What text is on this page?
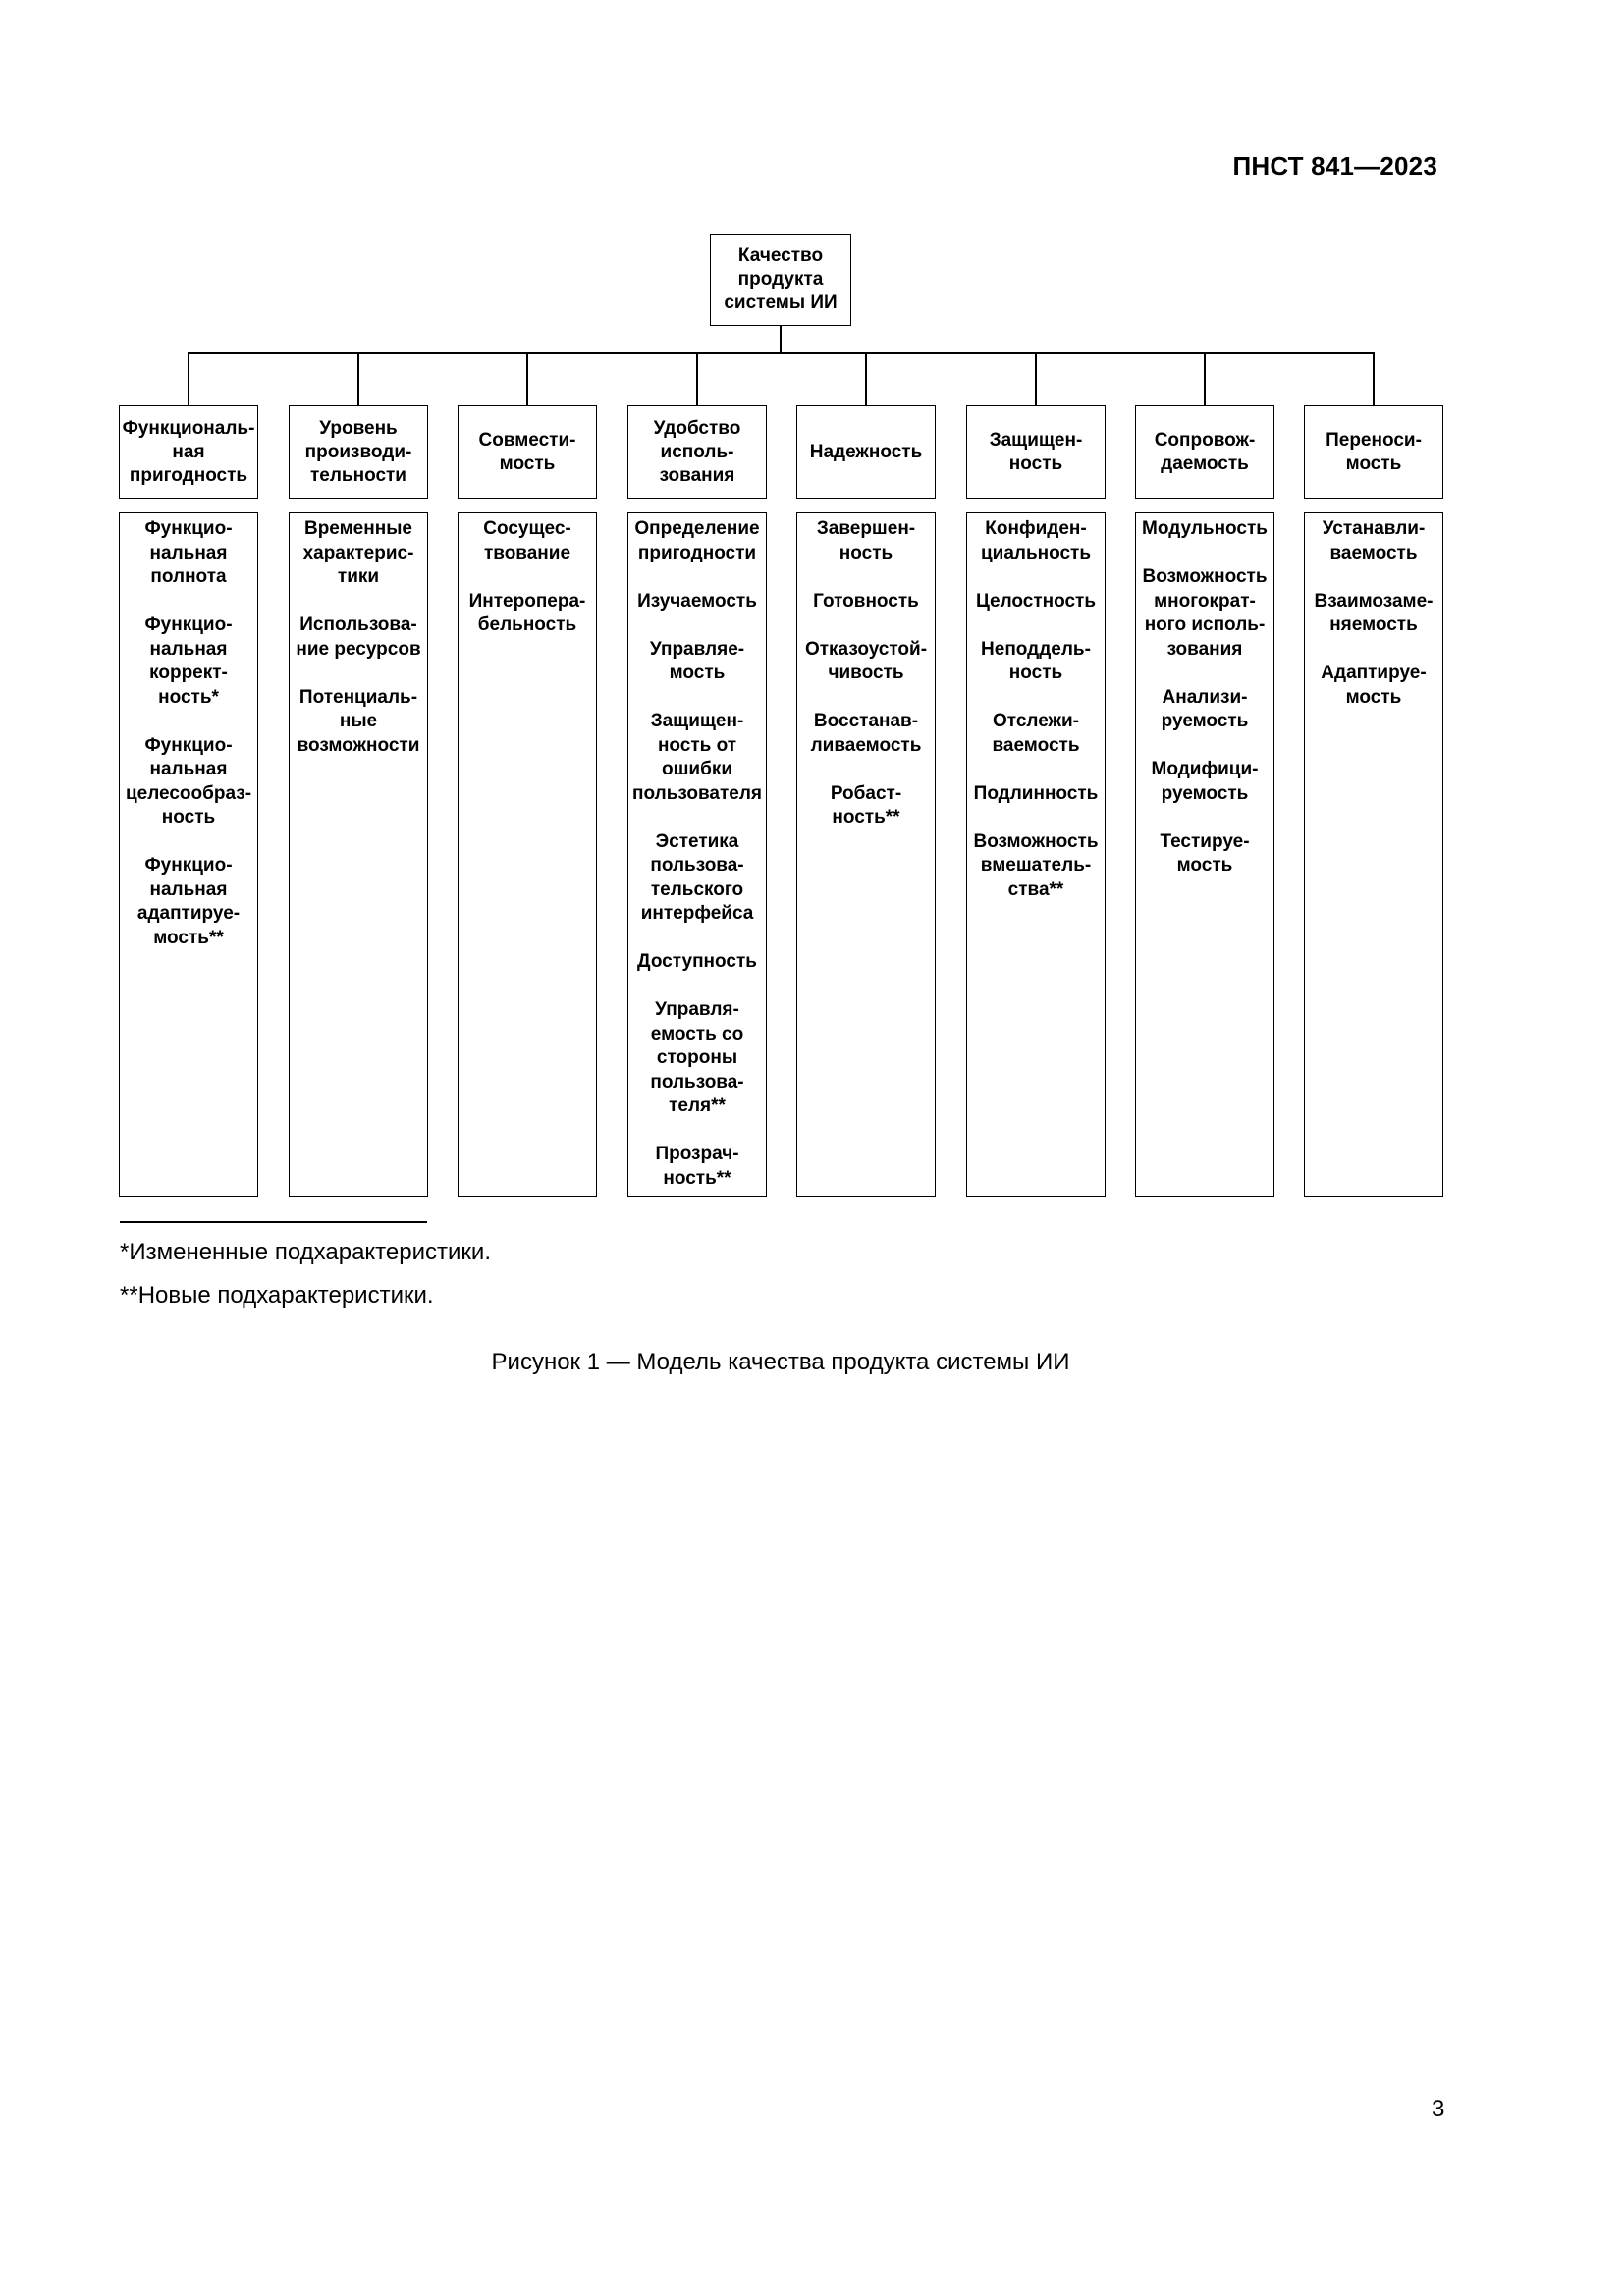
ПНСТ 841—2023
Качество
продукта
системы ИИ
Функциональ-
ная
пригодность
Функцио-
нальная
полнота
Функцио-
нальная
коррект-
ность*
Функцио-
нальная
целесообраз-
ность
Функцио-
нальная
адаптируе-
мость**
Уровень
производи-
тельности
Временные
характерис-
тики
Использова-
ние ресурсов
Потенциаль-
ные
возможности
Совмести-
мость
Сосущес-
твование
Интеропера-
бельность
Удобство
исполь-
зования
Определение
пригодности
Изучаемость
Управляе-
мость
Защищен-
ность от
ошибки
пользователя
Эстетика
пользова-
тельского
интерфейса
Доступность
Управля-
емость со
стороны
пользова-
теля**
Прозрач-
ность**
Надежность
Завершен-
ность
Готовность
Отказоустой-
чивость
Восстанав-
ливаемость
Робаст-
ность**
Защищен-
ность
Конфиден-
циальность
Целостность
Неподдель-
ность
Отслежи-
ваемость
Подлинность
Возможность
вмешатель-
ства**
Сопровож-
даемость
Модульность
Возможность
многократ-
ного исполь-
зования
Анализи-
руемость
Модифици-
руемость
Тестируе-
мость
Переноси-
мость
Устанавли-
ваемость
Взаимозаме-
няемость
Адаптируе-
мость
*Измененные подхарактеристики.
**Новые подхарактеристики.
Рисунок 1 — Модель качества продукта системы ИИ
3
